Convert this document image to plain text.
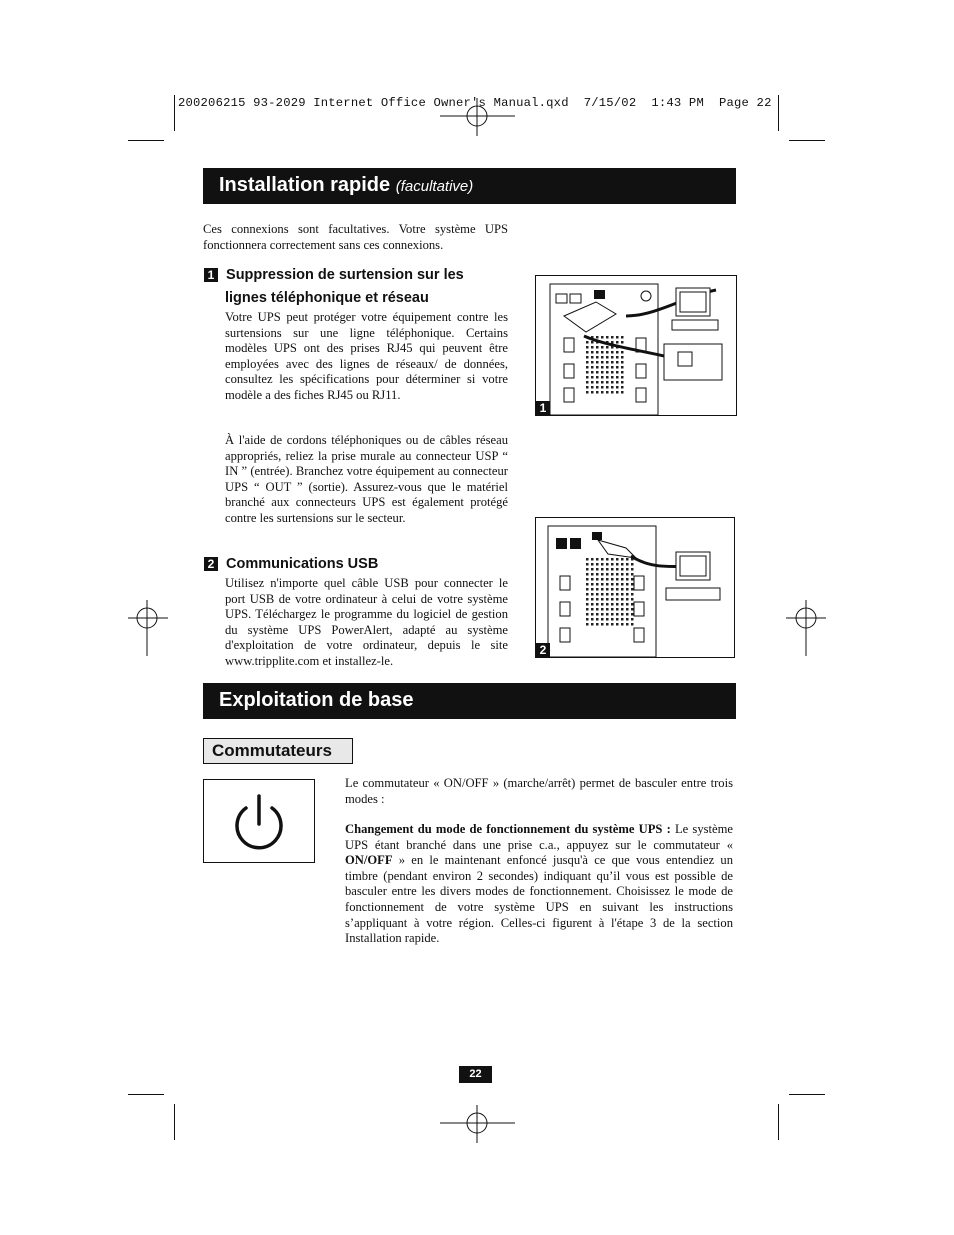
200206215 93-2029 Internet Office Owner's Manual.qxd  7/15/02  1:43 PM  Page 22
Installation rapide (facultative)
Ces connexions sont facultatives. Votre système UPS fonctionnera correctement sans ces connexions.
1 Suppression de surtension sur les
lignes téléphonique et réseau
Votre UPS peut protéger votre équipement contre les surtensions sur une ligne téléphonique. Certains modèles UPS ont des prises RJ45 qui peuvent être employées avec des lignes de réseaux/ de données, consultez les spécifications pour déterminer si votre modèle a des fiches RJ45 ou RJ11.
À l'aide de cordons téléphoniques ou de câbles réseau appropriés, reliez la prise murale au connecteur USP “ IN ” (entrée). Branchez votre équipement au connecteur UPS “ OUT ” (sortie). Assurez-vous que le matériel branché aux connecteurs UPS est également protégé contre les surtensions sur le secteur.
2 Communications USB
Utilisez n'importe quel câble USB pour connecter le port USB de votre ordinateur à celui de votre système UPS. Téléchargez le programme du logiciel de gestion du système UPS PowerAlert, adapté au système d'exploitation de votre ordinateur, depuis le site www.tripplite.com et installez-le.
1
2
Exploitation de base
Commutateurs
Le commutateur « ON/OFF » (marche/arrêt) permet de basculer entre trois modes :
Changement du mode de fonctionnement du système UPS : Le système UPS étant branché dans une prise c.a., appuyez sur le commutateur « ON/OFF » en le maintenant enfoncé jusqu'à ce que vous entendiez un timbre (pendant environ 2 secondes) indiquant qu’il vous est possible de basculer entre les divers modes de fonctionnement. Choisissez le mode de fonctionnement de votre système UPS en suivant les instructions s’appliquant à votre région. Celles-ci figurent à l'étape 3 de la section Installation rapide.
22
